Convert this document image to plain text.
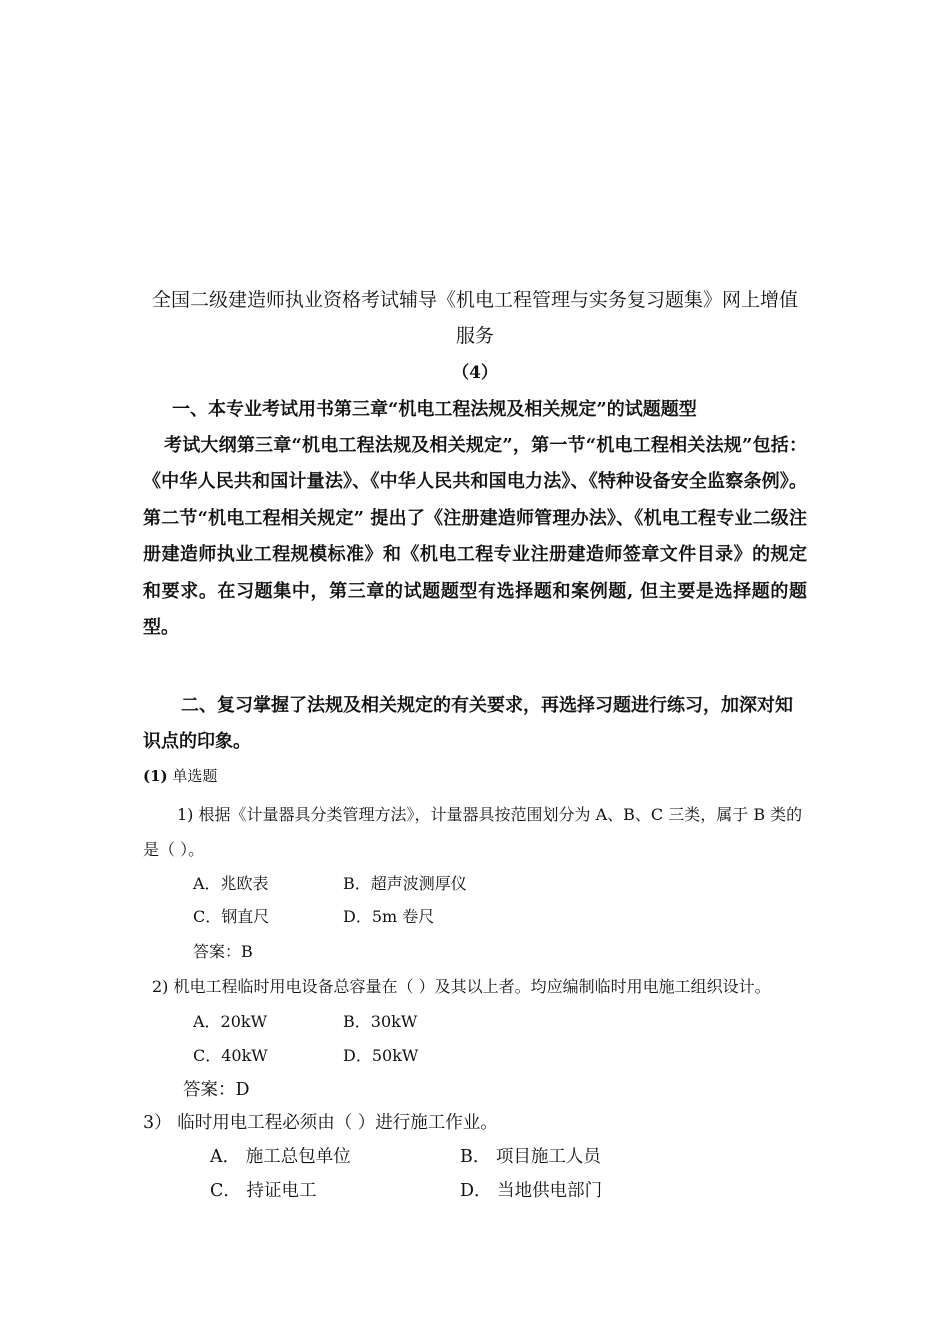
全国二级建造师执业资格考试辅导《机电工程管理与实务复习题集》网上增值
服务
（4）
一、本专业考试用书第三章“机电工程法规及相关规定”的试题题型
考试大纲第三章“机电工程法规及相关规定”，第一节“机电工程相关法规”包括：《中华人民共和国计量法》、《中华人民共和国电力法》、《特种设备安全监察条例》。第二节“机电工程相关规定” 提出了《注册建造师管理办法》、《机电工程专业二级注册建造师执业工程规模标准》和《机电工程专业注册建造师签章文件目录》的规定和要求。在习题集中，第三章的试题题型有选择题和案例题, 但主要是选择题的题型。
二、复习掌握了法规及相关规定的有关要求，再选择习题进行练习，加深对知识点的印象。
(1) 单选题
1) 根据《计量器具分类管理方法》，计量器具按范围划分为 A、B、C 三类，属于 B 类的是（ ）。
A．兆欧表	B．超声波测厚仪
C．钢直尺	D．5m 卷尺
答案：B
2) 机电工程临时用电设备总容量在（ ）及其以上者。均应编制临时用电施工组织设计。
A．20kW	B．30kW
C．40kW	D．50kW
答案：D
3） 临时用电工程必须由（ ）进行施工作业。
A． 施工总包单位	B． 项目施工人员
C． 持证电工	D． 当地供电部门
